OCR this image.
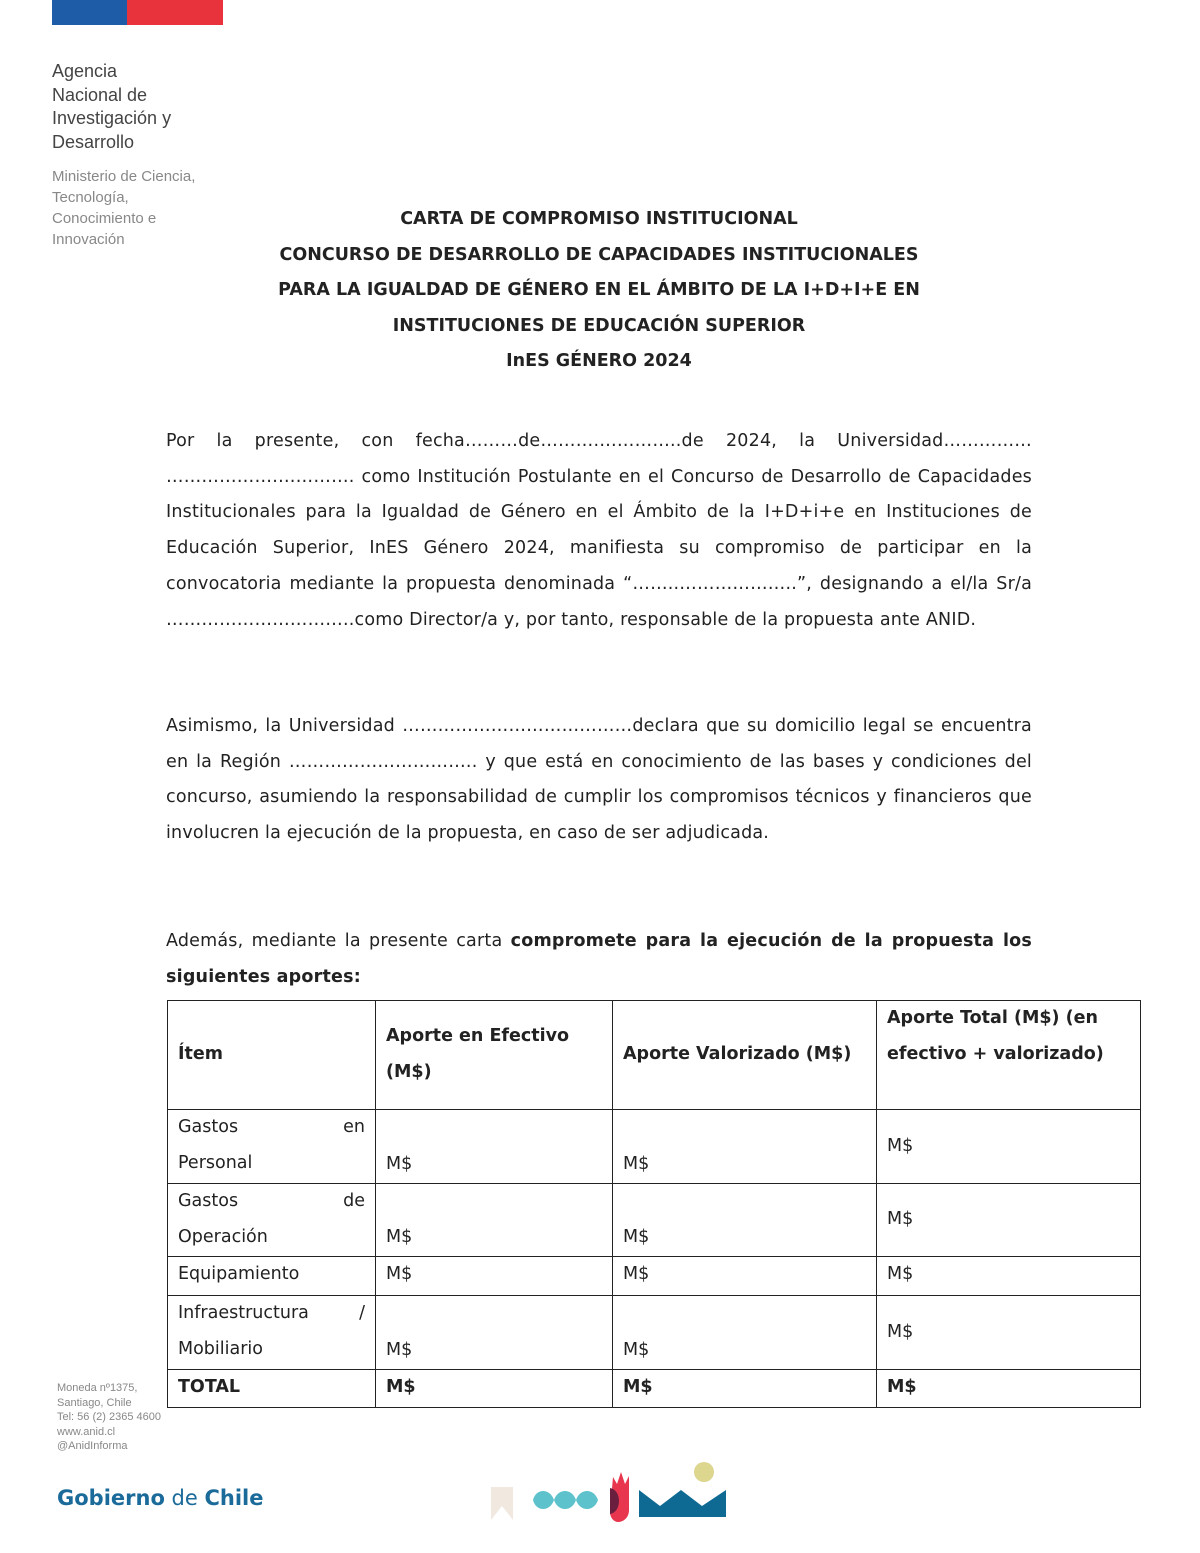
Agencia
Nacional de
Investigación y
Desarrollo
Ministerio de Ciencia,
Tecnología,
Conocimiento e
Innovación
CARTA DE COMPROMISO INSTITUCIONAL
CONCURSO DE DESARROLLO DE CAPACIDADES INSTITUCIONALES
PARA LA IGUALDAD DE GÉNERO EN EL ÁMBITO DE LA I+D+I+E EN
INSTITUCIONES DE EDUCACIÓN SUPERIOR
InES GÉNERO 2024
Por la presente, con fecha………de……….…………..de 2024, la Universidad…………… ……………….…………. como Institución Postulante en el Concurso de Desarrollo de Capacidades Institucionales para la Igualdad de Género en el Ámbito de la I+D+i+e en Instituciones de Educación Superior, InES Género 2024, manifiesta su compromiso de participar en la convocatoria mediante la propuesta denominada “……..………………..”, designando a el/la Sr/a …………………………..como Director/a y, por tanto, responsable de la propuesta ante ANID.
Asimismo, la Universidad …………………………………declara que su domicilio legal se encuentra en la Región ………………………….. y que está en conocimiento de las bases y condiciones del concurso, asumiendo la responsabilidad de cumplir los compromisos técnicos y financieros que involucren la ejecución de la propuesta, en caso de ser adjudicada.
Además, mediante la presente carta compromete para la ejecución de la propuesta los siguientes aportes:
Ítem	Aporte en Efectivo (M$)	Aporte Valorizado (M$)	Aporte Total (M$) (en efectivo + valorizado)

Gastos en
Personal	M$	M$	M$

Gastos de
Operación	M$	M$	M$
Equipamiento	M$	M$	M$

Infraestructura /
Mobiliario	M$	M$	M$
TOTAL	M$	M$	M$
Moneda nº1375,
Santiago, Chile
Tel: 56 (2) 2365 4600
www.anid.cl
@AnidInforma
Gobierno de Chile
